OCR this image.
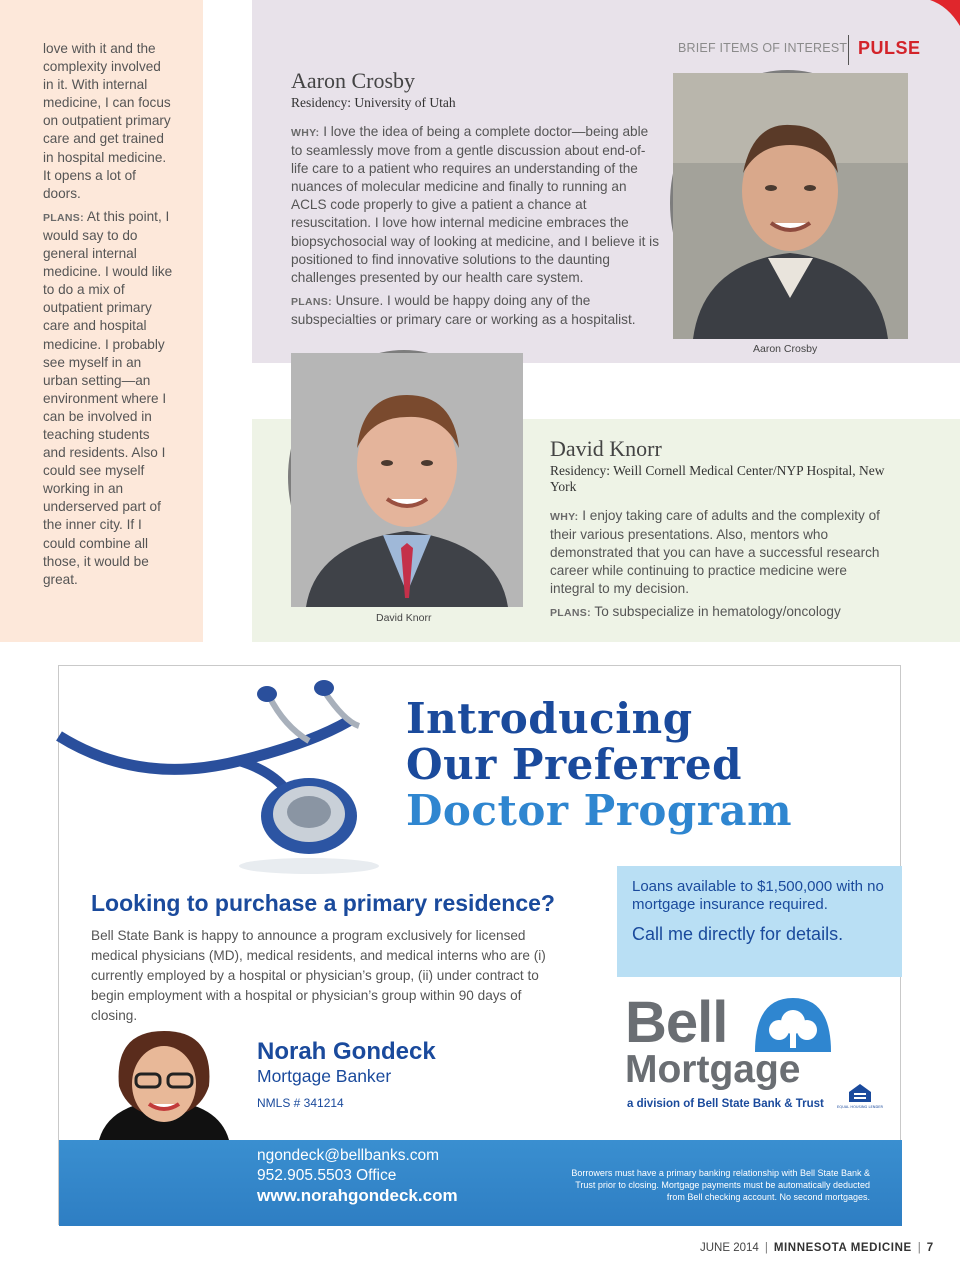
love with it and the complexity involved in it. With internal medicine, I can focus on outpatient primary care and get trained in hospital medicine. It opens a lot of doors.

PLANS: At this point, I would say to do general internal medicine. I would like to do a mix of outpatient primary care and hospital medicine. I probably see myself in an urban setting—an environment where I can be involved in teaching students and residents. Also I could see myself working in an underserved part of the inner city. If I could combine all those, it would be great.

BRIEF ITEMS OF INTEREST PULSE
Aaron Crosby
Residency: University of Utah

WHY: I love the idea of being a complete doctor—being able to seamlessly move from a gentle discussion about end-of-life care to a patient who requires an understanding of the nuances of molecular medicine and finally to running an ACLS code properly to give a patient a chance at resuscitation. I love how internal medicine embraces the biopsychosocial way of looking at medicine, and I believe it is positioned to find innovative solutions to the daunting challenges presented by our health care system.

PLANS: Unsure. I would be happy doing any of the subspecialties or primary care or working as a hospitalist.

Aaron Crosby
David Knorr
David Knorr
Residency: Weill Cornell Medical Center/NYP Hospital, New York

WHY: I enjoy taking care of adults and the complexity of their various presentations. Also, mentors who demonstrated that you can have a successful research career while continuing to practice medicine were integral to my decision.

PLANS: To subspecialize in hematology/oncology

Introducing
Our Preferred
Doctor Program
Loans available to $1,500,000 with no mortgage insurance required.
Call me directly for details.
Looking to purchase a primary residence?
Bell State Bank is happy to announce a program exclusively for licensed medical physicians (MD), medical residents, and medical interns who are (i) currently employed by a hospital or physician’s group, (ii) under contract to begin employment with a hospital or physician’s group within 90 days of closing.
Norah Gondeck
Mortgage Banker
NMLS # 341214
Bell
Mortgage
a division of Bell State Bank & Trust	EQUAL HOUSING LENDER
ngondeck@bellbanks.com
952.905.5503 Office
www.norahgondeck.com
Borrowers must have a primary banking relationship with Bell State Bank & Trust prior to closing. Mortgage payments must be automatically deducted from Bell checking account. No second mortgages.
JUNE 2014 | MINNESOTA MEDICINE | 7
